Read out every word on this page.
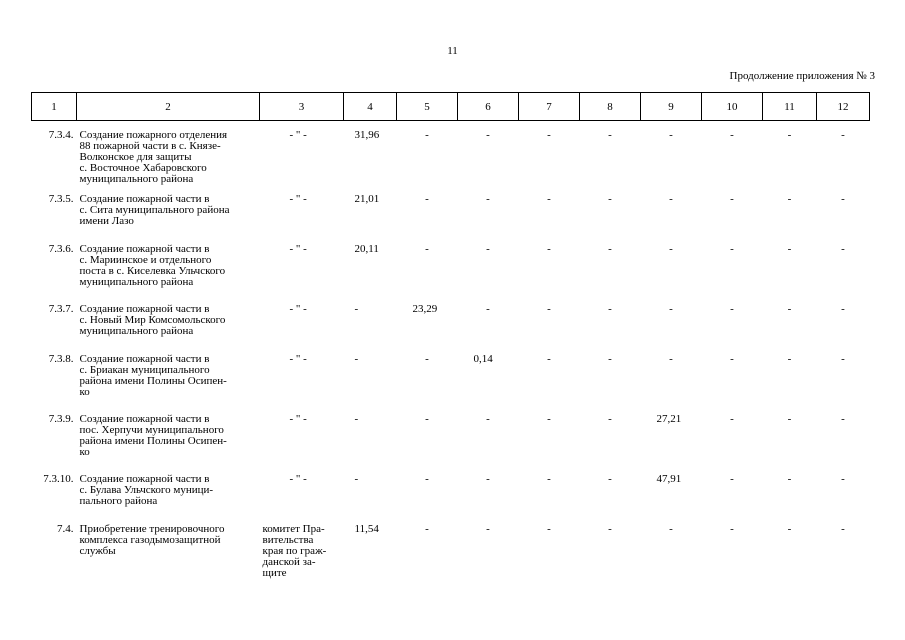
11
Продолжение приложения № 3
1	2	3	4	5	6	7	8	9	10	11	12
7.3.4.	Создание пожарного отделения
88 пожарной части в с. Князе-
Волконское для защиты
с. Восточное Хабаровского
муниципального района	- " -	31,96	-	-	-	-	-	-	-	-
7.3.5.	Создание пожарной части в
с. Сита муниципального района
имени Лазо	- " -	21,01	-	-	-	-	-	-	-	-
7.3.6.	Создание пожарной части в
с. Мариинское и отдельного
поста в с. Киселевка Ульчского
муниципального района	- " -	20,11	-	-	-	-	-	-	-	-
7.3.7.	Создание пожарной части в
с. Новый Мир Комсомольского
муниципального района	- " -	-	23,29	-	-	-	-	-	-	-
7.3.8.	Создание пожарной части в
с. Бриакан муниципального
района имени Полины Осипен-
ко	- " -	-	-	0,14	-	-	-	-	-	-
7.3.9.	Создание пожарной части в
пос. Херпучи муниципального
района имени Полины Осипен-
ко	- " -	-	-	-	-	-	27,21	-	-	-
7.3.10.	Создание пожарной части в
с. Булава Ульчского муници-
пального района	- " -	-	-	-	-	-	47,91	-	-	-
7.4.	Приобретение тренировочного
комплекса газодымозащитной
службы	комитет Пра-
вительства
края по граж-
данской за-
щите	11,54	-	-	-	-	-	-	-	-
